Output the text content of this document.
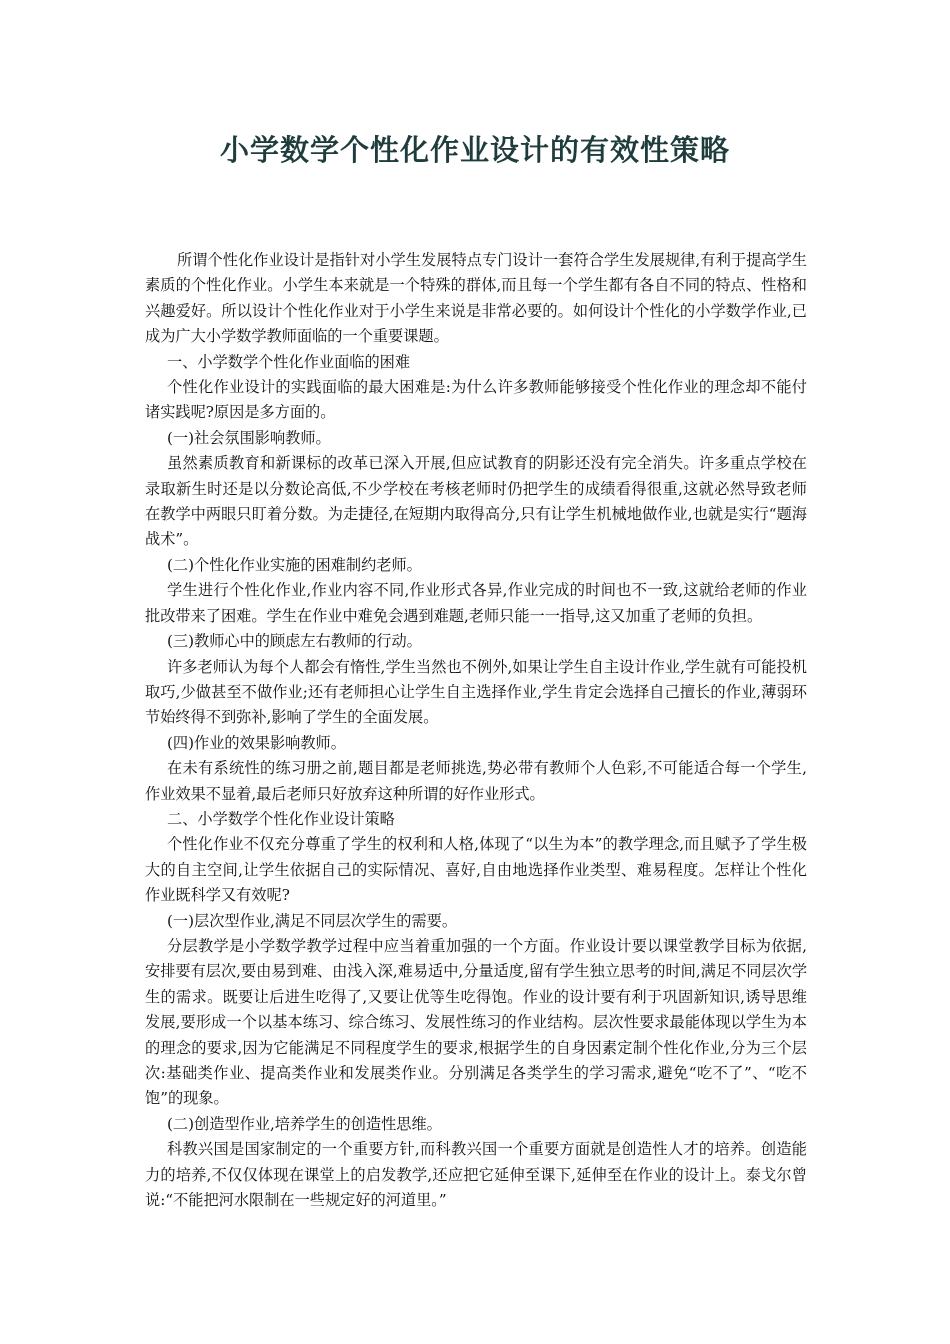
小学数学个性化作业设计的有效性策略

所谓个性化作业设计是指针对小学生发展特点专门设计一套符合学生发展规律,有利于提高学生素质的个性化作业。小学生本来就是一个特殊的群体,而且每一个学生都有各自不同的特点、性格和兴趣爱好。所以设计个性化作业对于小学生来说是非常必要的。如何设计个性化的小学数学作业,已成为广大小学数学教师面临的一个重要课题。

一、小学数学个性化作业面临的困难

个性化作业设计的实践面临的最大困难是:为什么许多教师能够接受个性化作业的理念却不能付诸实践呢?原因是多方面的。

(一)社会氛围影响教师。

虽然素质教育和新课标的改革已深入开展,但应试教育的阴影还没有完全消失。许多重点学校在录取新生时还是以分数论高低,不少学校在考核老师时仍把学生的成绩看得很重,这就必然导致老师在教学中两眼只盯着分数。为走捷径,在短期内取得高分,只有让学生机械地做作业,也就是实行“题海战术”。

(二)个性化作业实施的困难制约老师。

学生进行个性化作业,作业内容不同,作业形式各异,作业完成的时间也不一致,这就给老师的作业批改带来了困难。学生在作业中难免会遇到难题,老师只能一一指导,这又加重了老师的负担。

(三)教师心中的顾虑左右教师的行动。

许多老师认为每个人都会有惰性,学生当然也不例外,如果让学生自主设计作业,学生就有可能投机取巧,少做甚至不做作业;还有老师担心让学生自主选择作业,学生肯定会选择自己擅长的作业,薄弱环节始终得不到弥补,影响了学生的全面发展。

(四)作业的效果影响教师。

在未有系统性的练习册之前,题目都是老师挑选,势必带有教师个人色彩,不可能适合每一个学生,作业效果不显着,最后老师只好放弃这种所谓的好作业形式。

二、小学数学个性化作业设计策略

个性化作业不仅充分尊重了学生的权利和人格,体现了“以生为本”的教学理念,而且赋予了学生极大的自主空间,让学生依据自己的实际情况、喜好,自由地选择作业类型、难易程度。怎样让个性化作业既科学又有效呢?

(一)层次型作业,满足不同层次学生的需要。

分层教学是小学数学教学过程中应当着重加强的一个方面。作业设计要以课堂教学目标为依据,安排要有层次,要由易到难、由浅入深,难易适中,分量适度,留有学生独立思考的时间,满足不同层次学生的需求。既要让后进生吃得了,又要让优等生吃得饱。作业的设计要有利于巩固新知识,诱导思维发展,要形成一个以基本练习、综合练习、发展性练习的作业结构。层次性要求最能体现以学生为本的理念的要求,因为它能满足不同程度学生的要求,根据学生的自身因素定制个性化作业,分为三个层次:基础类作业、提高类作业和发展类作业。分别满足各类学生的学习需求,避免“吃不了”、“吃不饱”的现象。

(二)创造型作业,培养学生的创造性思维。

科教兴国是国家制定的一个重要方针,而科教兴国一个重要方面就是创造性人才的培养。创造能力的培养,不仅仅体现在课堂上的启发教学,还应把它延伸至课下,延伸至在作业的设计上。泰戈尔曾说:“不能把河水限制在一些规定好的河道里。”
